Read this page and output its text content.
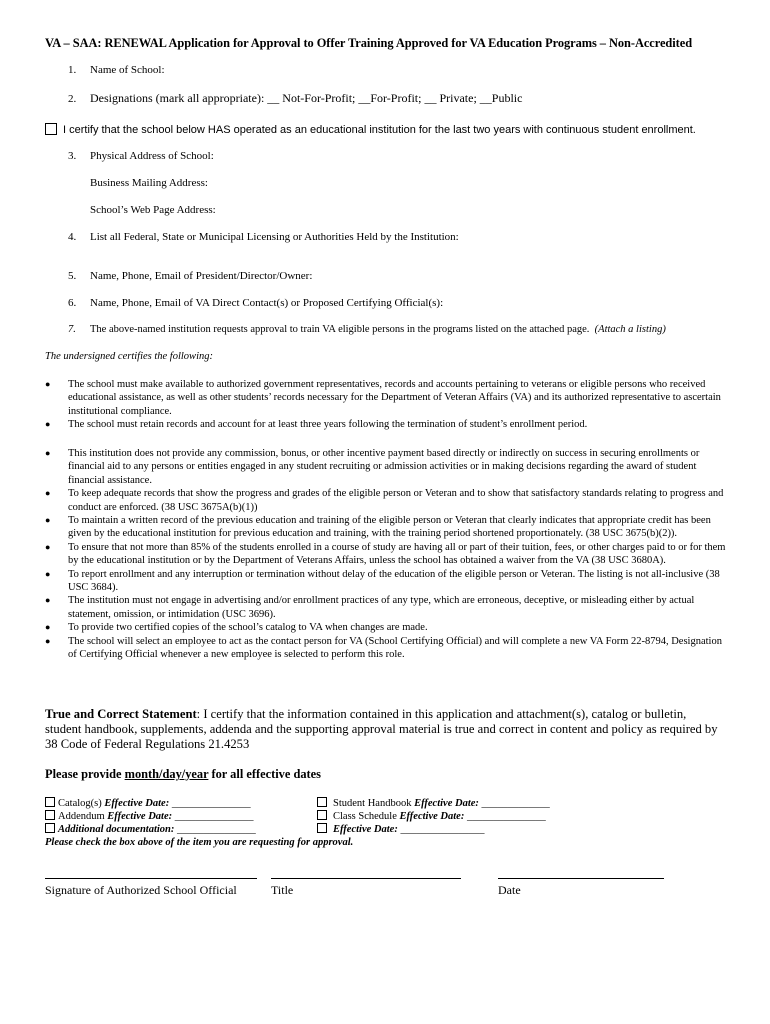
VA – SAA: RENEWAL Application for Approval to Offer Training Approved for VA Education Programs – Non-Accredited
1. Name of School:
2. Designations (mark all appropriate): __ Not-For-Profit; __For-Profit; __ Private; __Public
I certify that the school below HAS operated as an educational institution for the last two years with continuous student enrollment.
3. Physical Address of School:
Business Mailing Address:
School’s Web Page Address:
4. List all Federal, State or Municipal Licensing or Authorities Held by the Institution:
5. Name, Phone, Email of President/Director/Owner:
6. Name, Phone, Email of VA Direct Contact(s) or Proposed Certifying Official(s):
7. The above-named institution requests approval to train VA eligible persons in the programs listed on the attached page. (Attach a listing)
The undersigned certifies the following:
● The school must make available to authorized government representatives, records and accounts pertaining to veterans or eligible persons who received educational assistance, as well as other students’ records necessary for the Department of Veteran Affairs (VA) and its authorized representative to ascertain institutional compliance.
● The school must retain records and account for at least three years following the termination of student’s enrollment period.
● This institution does not provide any commission, bonus, or other incentive payment based directly or indirectly on success in securing enrollments or financial aid to any persons or entities engaged in any student recruiting or admission activities or in making decisions regarding the award of student financial assistance.
● To keep adequate records that show the progress and grades of the eligible person or Veteran and to show that satisfactory standards relating to progress and conduct are enforced. (38 USC 3675A(b)(1))
● To maintain a written record of the previous education and training of the eligible person or Veteran that clearly indicates that appropriate credit has been given by the educational institution for previous education and training, with the training period shortened proportionately. (38 USC 3675(b)(2)).
● To ensure that not more than 85% of the students enrolled in a course of study are having all or part of their tuition, fees, or other charges paid to or for them by the educational institution or by the Department of Veterans Affairs, unless the school has obtained a waiver from the VA (38 USC 3680A).
● To report enrollment and any interruption or termination without delay of the education of the eligible person or Veteran. The listing is not all-inclusive (38 USC 3684).
● The institution must not engage in advertising and/or enrollment practices of any type, which are erroneous, deceptive, or misleading either by actual statement, omission, or intimidation (USC 3696).
● To provide two certified copies of the school’s catalog to VA when changes are made.
● The school will select an employee to act as the contact person for VA (School Certifying Official) and will complete a new VA Form 22-8794, Designation of Certifying Official whenever a new employee is selected to perform this role.
True and Correct Statement: I certify that the information contained in this application and attachment(s), catalog or bulletin, student handbook, supplements, addenda and the supporting approval material is true and correct in content and policy as required by 38 Code of Federal Regulations 21.4253
Please provide month/day/year for all effective dates
Catalog(s) Effective Date: _______________
Addendum Effective Date: _______________
Additional documentation: _______________
Student Handbook Effective Date: _____________
Class Schedule Effective Date: _______________
Effective Date: ________________
Please check the box above of the item you are requesting for approval.
Signature of Authorized School Official	Title	Date
